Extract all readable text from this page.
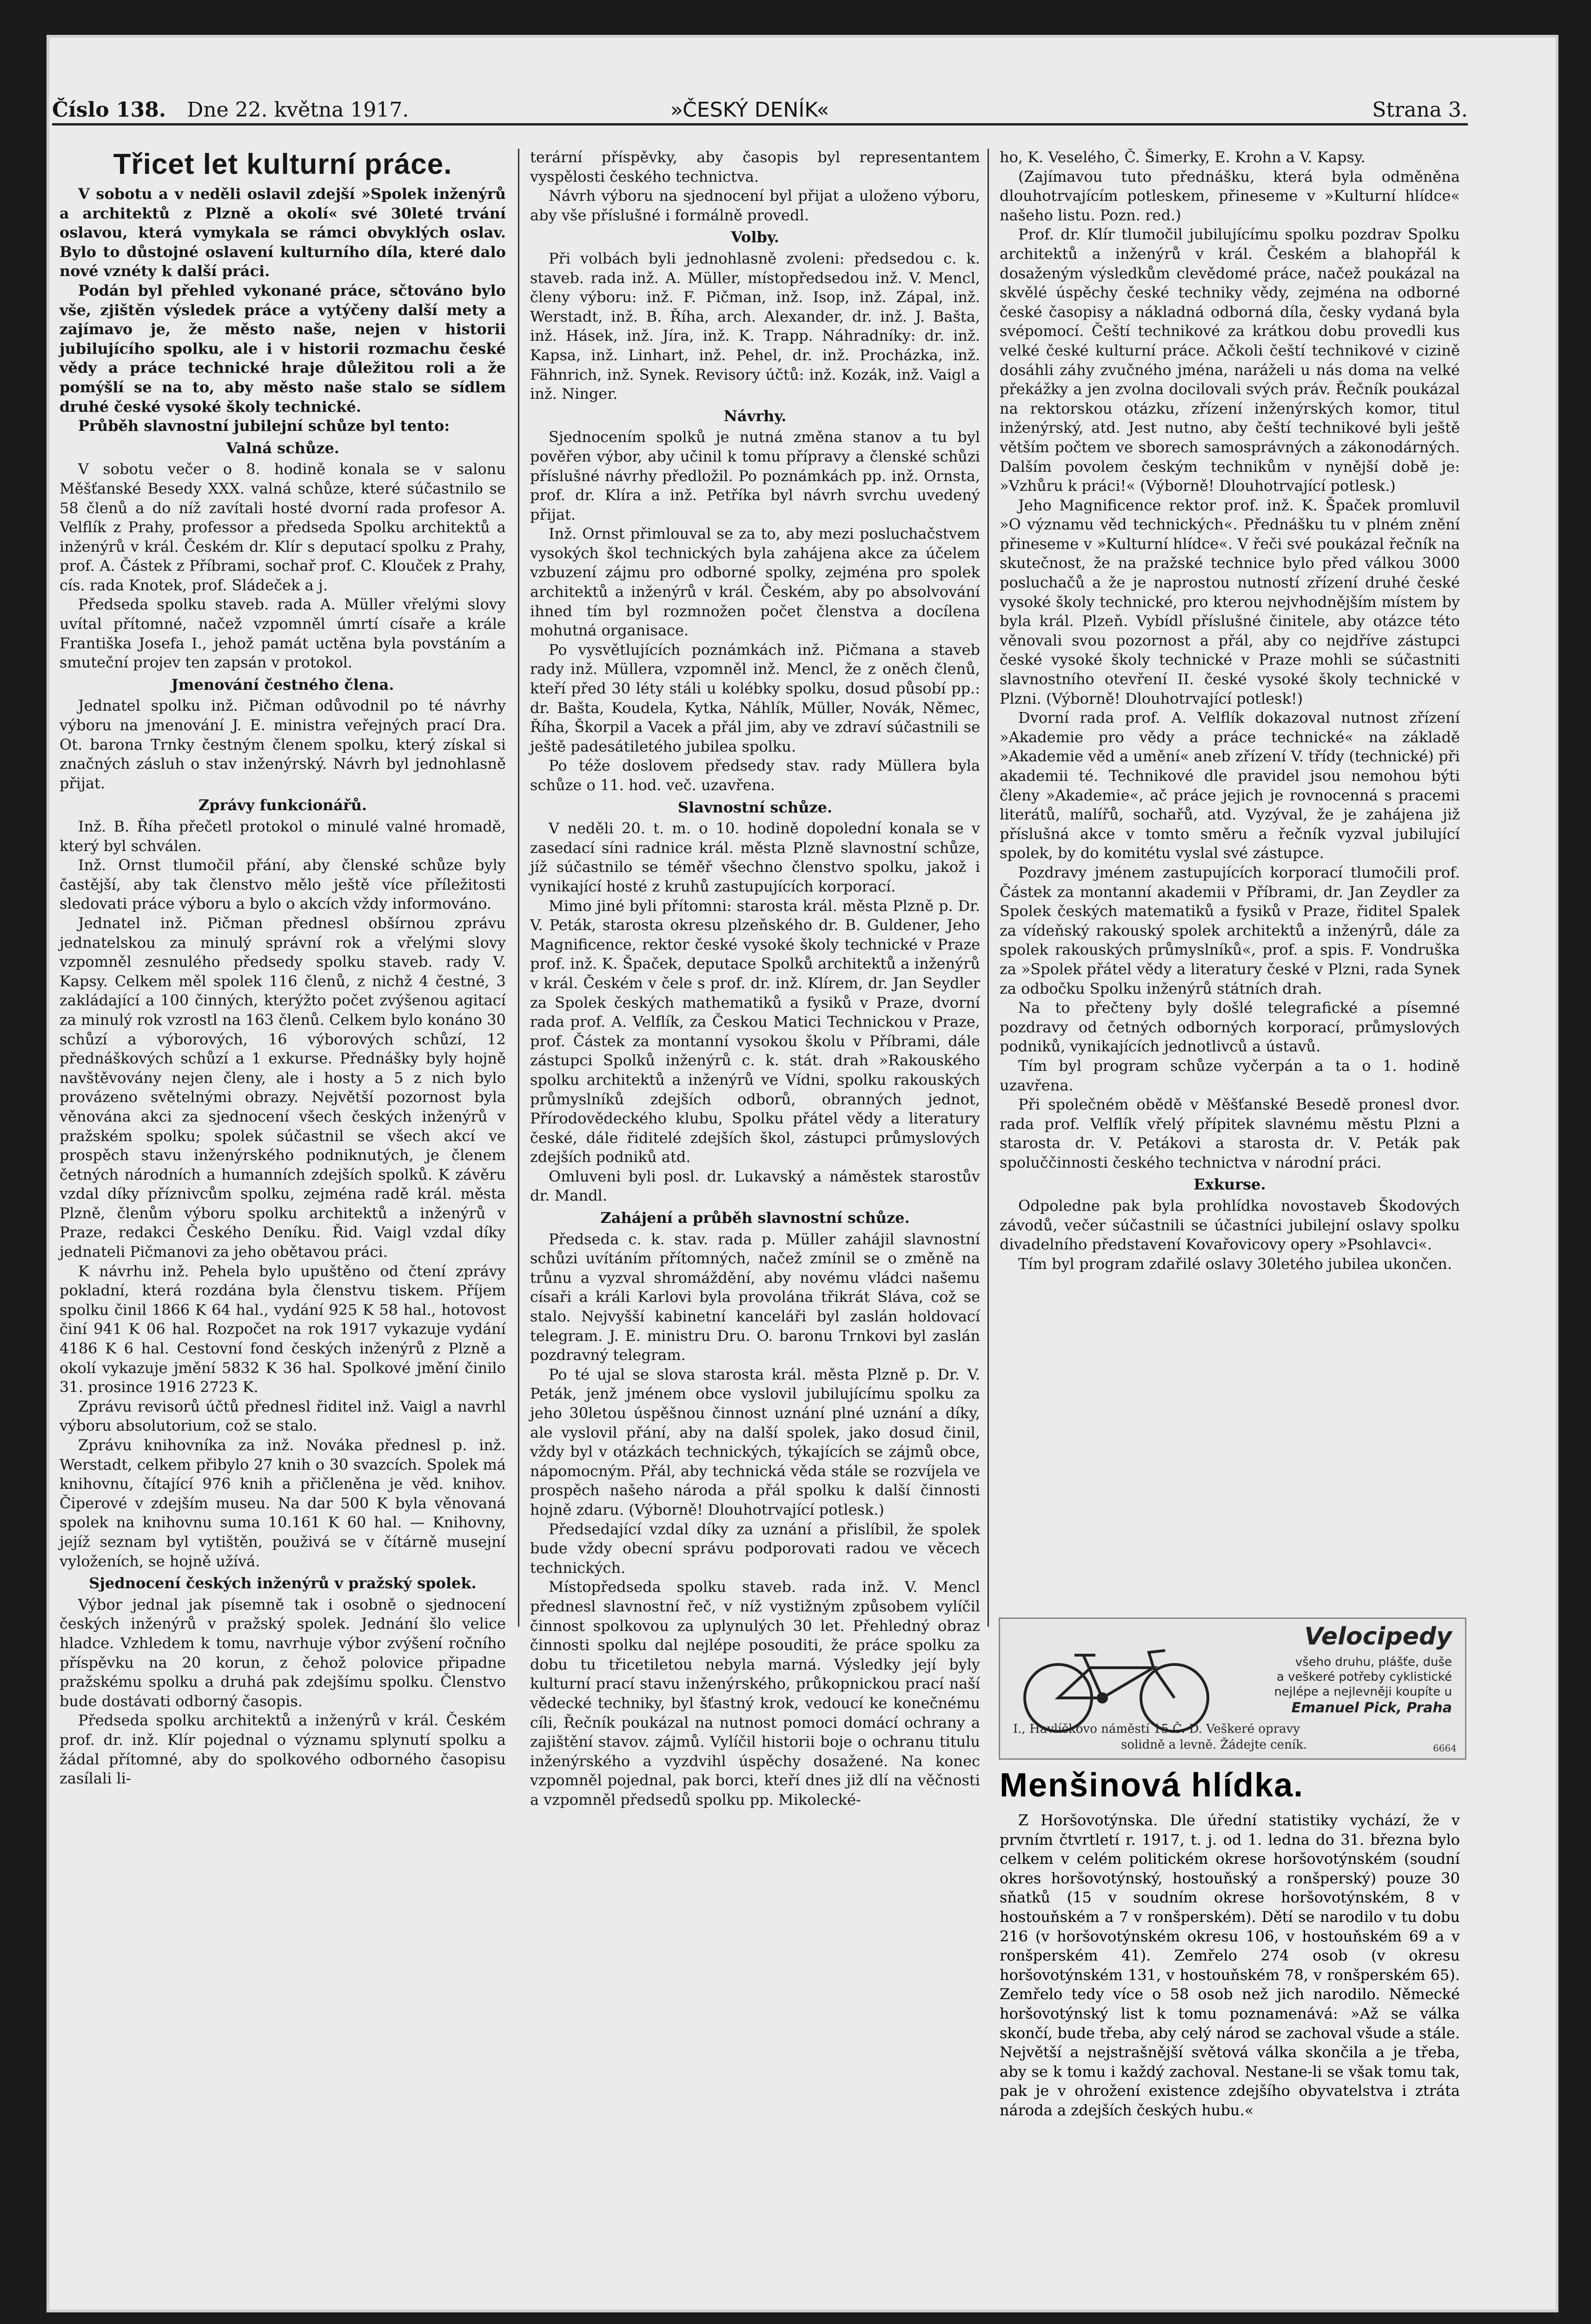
Číslo 138. Dne 22. května 1917.	»ČESKÝ DENÍK«	Strana 3.
Třicet let kulturní práce.
V sobotu a v neděli oslavil zdejší »Spolek inženýrů a architektů z Plzně a okolí« své 30leté trvání oslavou, která vymykala se rámci obvyklých oslav. Bylo to důstojné oslavení kulturního díla, které dalo nové vznéty k další práci.
Podán byl přehled vykonané práce, sčtováno bylo vše, zjištěn výsledek práce a vytýčeny další mety a zajímavo je, že město naše, nejen v historii jubilujícího spolku, ale i v historii rozmachu české vědy a práce technické hraje důležitou roli a že pomýšlí se na to, aby město naše stalo se sídlem druhé české vysoké školy technické.
Průběh slavnostní jubilejní schůze byl tento:
Valná schůze.
V sobotu večer o 8. hodině konala se v salonu Měšťanské Besedy XXX. valná schůze, které súčastnilo se 58 členů a do níž zavítali hosté dvorní rada profesor A. Velflík z Prahy, professor a předseda Spolku architektů a inženýrů v král. Českém dr. Klír s deputací spolku z Prahy, prof. A. Částek z Příbrami, sochař prof. C. Klouček z Prahy, cís. rada Knotek, prof. Sládeček a j.
Předseda spolku staveb. rada A. Müller vřelými slovy uvítal přítomné, načež vzpomněl úmrtí císaře a krále Františka Josefa I., jehož památ uctěna byla povstáním a smuteční projev ten zapsán v protokol.
Jmenování čestného člena.
Jednatel spolku inž. Pičman odůvodnil po té návrhy výboru na jmenování J. E. ministra veřejných prací Dra. Ot. barona Trnky čestným členem spolku, který získal si značných zásluh o stav inženýrský. Návrh byl jednohlasně přijat.
Zprávy funkcionářů.
Inž. B. Říha přečetl protokol o minulé valné hromadě, který byl schválen.
Inž. Ornst tlumočil přání, aby členské schůze byly častější, aby tak členstvo mělo ještě více příležitosti sledovati práce výboru a bylo o akcích vždy informováno.
Jednatel inž. Pičman přednesl obšírnou zprávu jednatelskou za minulý správní rok a vřelými slovy vzpomněl zesnulého předsedy spolku staveb. rady V. Kapsy. Celkem měl spolek 116 členů, z nichž 4 čestné, 3 zakládající a 100 činných, kterýžto počet zvýšenou agitací za minulý rok vzrostl na 163 členů. Celkem bylo konáno 30 schůzí a výborových, 16 výborových schůzí, 12 přednáškových schůzí a 1 exkurse. Přednášky byly hojně navštěvovány nejen členy, ale i hosty a 5 z nich bylo provázeno světelnými obrazy. Největší pozornost byla věnována akci za sjednocení všech českých inženýrů v pražském spolku; spolek súčastnil se všech akcí ve prospěch stavu inženýrského podniknutých, je členem četných národních a humanních zdejších spolků. K závěru vzdal díky příznivcům spolku, zejména radě král. města Plzně, členům výboru spolku architektů a inženýrů v Praze, redakci Českého Deníku. Řid. Vaigl vzdal díky jednateli Pičmanovi za jeho obětavou práci.
K návrhu inž. Pehela bylo upuštěno od čtení zprávy pokladní, která rozdána byla členstvu tiskem. Příjem spolku činil 1866 K 64 hal., vydání 925 K 58 hal., hotovost činí 941 K 06 hal. Rozpočet na rok 1917 vykazuje vydání 4186 K 6 hal. Cestovní fond českých inženýrů z Plzně a okolí vykazuje jmění 5832 K 36 hal. Spolkové jmění činilo 31. prosince 1916 2723 K.
Zprávu revisorů účtů přednesl řiditel inž. Vaigl a navrhl výboru absolutorium, což se stalo.
Zprávu knihovníka za inž. Nováka přednesl p. inž. Werstadt, celkem přibylo 27 knih o 30 svazcích. Spolek má knihovnu, čítající 976 knih a přičleněna je věd. knihov. Čiperové v zdejším museu. Na dar 500 K byla věnovaná spolek na knihovnu suma 10.161 K 60 hal. — Knihovny, jejíž seznam byl vytištěn, použivá se v čítárně musejní vyloženích, se hojně užívá.
Sjednocení českých inženýrů v pražský spolek.
Výbor jednal jak písemně tak i osobně o sjednocení českých inženýrů v pražský spolek. Jednání šlo velice hladce. Vzhledem k tomu, navrhuje výbor zvýšení ročního příspěvku na 20 korun, z čehož polovice připadne pražskému spolku a druhá pak zdejšímu spolku. Členstvo bude dostávati odborný časopis.
Předseda spolku architektů a inženýrů v král. Českém prof. dr. inž. Klír pojednal o významu splynutí spolku a žádal přítomné, aby do spolkového odborného časopisu zasílali li-
terární příspěvky, aby časopis byl representantem vyspělosti českého technictva.
Návrh výboru na sjednocení byl přijat a uloženo výboru, aby vše příslušné i formálně provedl.
Volby.
Při volbách byli jednohlasně zvoleni: předsedou c. k. staveb. rada inž. A. Müller, místopředsedou inž. V. Mencl, členy výboru: inž. F. Pičman, inž. Isop, inž. Zápal, inž. Werstadt, inž. B. Říha, arch. Alexander, dr. inž. J. Bašta, inž. Hásek, inž. Jíra, inž. K. Trapp. Náhradníky: dr. inž. Kapsa, inž. Linhart, inž. Pehel, dr. inž. Procházka, inž. Fähnrich, inž. Synek. Revisory účtů: inž. Kozák, inž. Vaigl a inž. Ninger.
Návrhy.
Sjednocením spolků je nutná změna stanov a tu byl pověřen výbor, aby učinil k tomu přípravy a členské schůzi příslušné návrhy předložil. Po poznámkách pp. inž. Ornsta, prof. dr. Klíra a inž. Petříka byl návrh svrchu uvedený přijat.
Inž. Ornst přimlouval se za to, aby mezi posluchačstvem vysokých škol technických byla zahájena akce za účelem vzbuzení zájmu pro odborné spolky, zejména pro spolek architektů a inženýrů v král. Českém, aby po absolvování ihned tím byl rozmnožen počet členstva a docílena mohutná organisace.
Po vysvětlujících poznámkách inž. Pičmana a staveb rady inž. Müllera, vzpomněl inž. Mencl, že z oněch členů, kteří před 30 léty stáli u kolébky spolku, dosud působí pp.: dr. Bašta, Koudela, Kytka, Náhlík, Müller, Novák, Němec, Říha, Škorpil a Vacek a přál jim, aby ve zdraví súčastnili se ještě padesátiletého jubilea spolku.
Po téže doslovem předsedy stav. rady Müllera byla schůze o 11. hod. več. uzavřena.
Slavnostní schůze.
V neděli 20. t. m. o 10. hodině dopolední konala se v zasedací síni radnice král. města Plzně slavnostní schůze, jíž súčastnilo se téměř všechno členstvo spolku, jakož i vynikající hosté z kruhů zastupujících korporací.
Mimo jiné byli přítomni: starosta král. města Plzně p. Dr. V. Peták, starosta okresu plzeňského dr. B. Guldener, Jeho Magnificence, rektor české vysoké školy technické v Praze prof. inž. K. Špaček, deputace Spolků architektů a inženýrů v král. Českém v čele s prof. dr. inž. Klírem, dr. Jan Seydler za Spolek českých mathematiků a fysiků v Praze, dvorní rada prof. A. Velflík, za Českou Matici Technickou v Praze, prof. Částek za montanní vysokou školu v Příbrami, dále zástupci Spolků inženýrů c. k. stát. drah »Rakouského spolku architektů a inženýrů ve Vídni, spolku rakouských průmyslníků zdejších odborů, obranných jednot, Přírodovědeckého klubu, Spolku přátel vědy a literatury české, dále řiditelé zdejších škol, zástupci průmyslových zdejších podniků atd.
Omluveni byli posl. dr. Lukavský a náměstek starostův dr. Mandl.
Zahájení a průběh slavnostní schůze.
Předseda c. k. stav. rada p. Müller zahájil slavnostní schůzi uvítáním přítomných, načež zmínil se o změně na trůnu a vyzval shromáždění, aby novému vládci našemu císaři a králi Karlovi byla provolána třikrát Sláva, což se stalo. Nejvyšší kabinetní kanceláři byl zaslán holdovací telegram. J. E. ministru Dru. O. baronu Trnkovi byl zaslán pozdravný telegram.
Po té ujal se slova starosta král. města Plzně p. Dr. V. Peták, jenž jménem obce vyslovil jubilujícímu spolku za jeho 30letou úspěšnou činnost uznání plné uznání a díky, ale vyslovil přání, aby na další spolek, jako dosud činil, vždy byl v otázkách technických, týkajících se zájmů obce, nápomocným. Přál, aby technická věda stále se rozvíjela ve prospěch našeho národa a přál spolku k další činnosti hojně zdaru. (Výborně! Dlouhotrvající potlesk.)
Předsedající vzdal díky za uznání a přislíbil, že spolek bude vždy obecní správu podporovati radou ve věcech technických.
Místopředseda spolku staveb. rada inž. V. Mencl přednesl slavnostní řeč, v níž vystižným způsobem vylíčil činnost spolkovou za uplynulých 30 let. Přehledný obraz činnosti spolku dal nejlépe posouditi, že práce spolku za dobu tu třicetiletou nebyla marná. Výsledky její byly kulturní prací stavu inženýrského, průkopnickou prací naší vědecké techniky, byl šťastný krok, vedoucí ke konečnému cíli, Řečník poukázal na nutnost pomoci domácí ochrany a zajištění stavov. zájmů. Vylíčil historii boje o ochranu titulu inženýrského a vyzdvihl úspěchy dosažené. Na konec vzpomněl pojednal, pak borci, kteří dnes již dlí na věčnosti a vzpomněl předsedů spolku pp. Mikolecké-
ho, K. Veselého, Č. Šimerky, E. Krohn a V. Kapsy.
(Zajímavou tuto přednášku, která byla odměněna dlouhotrvajícím potleskem, přineseme v »Kulturní hlídce« našeho listu. Pozn. red.)
Prof. dr. Klír tlumočil jubilujícímu spolku pozdrav Spolku architektů a inženýrů v král. Českém a blahopřál k dosaženým výsledkům clevědomé práce, načež poukázal na skvělé úspěchy české techniky vědy, zejména na odborné české časopisy a nákladná odborná díla, česky vydaná byla svépomocí. Čeští technikové za krátkou dobu provedli kus velké české kulturní práce. Ačkoli čeští technikové v cizině dosáhli záhy zvučného jména, naráželi u nás doma na velké překážky a jen zvolna docilovali svých práv. Řečník poukázal na rektorskou otázku, zřízení inženýrských komor, titul inženýrský, atd. Jest nutno, aby čeští technikové byli ještě větším počtem ve sborech samosprávných a zákonodárných. Dalším povolem českým technikům v nynější době je: »Vzhůru k práci!« (Výborně! Dlouhotrvající potlesk.)
Jeho Magnificence rektor prof. inž. K. Špaček promluvil »O významu věd technických«. Přednášku tu v plném znění přineseme v »Kulturní hlídce«. V řeči své poukázal řečník na skutečnost, že na pražské technice bylo před válkou 3000 posluchačů a že je naprostou nutností zřízení druhé české vysoké školy technické, pro kterou nejvhodnějším místem by byla král. Plzeň. Vybídl příslušné činitele, aby otázce této věnovali svou pozornost a přál, aby co nejdříve zástupci české vysoké školy technické v Praze mohli se súčastniti slavnostního otevření II. české vysoké školy technické v Plzni. (Výborně! Dlouhotrvající potlesk!)
Dvorní rada prof. A. Velflík dokazoval nutnost zřízení »Akademie pro vědy a práce technické« na základě »Akademie věd a umění« aneb zřízení V. třídy (technické) při akademii té. Technikové dle pravidel jsou nemohou býti členy »Akademie«, ač práce jejich je rovnocenná s pracemi literátů, malířů, sochařů, atd. Vyzýval, že je zahájena již příslušná akce v tomto směru a řečník vyzval jubilující spolek, by do komitétu vyslal své zástupce.
Pozdravy jménem zastupujících korporací tlumočili prof. Částek za montanní akademii v Příbrami, dr. Jan Zeydler za Spolek českých matematiků a fysiků v Praze, řiditel Spalek za vídeňský rakouský spolek architektů a inženýrů, dále za spolek rakouských průmyslníků«, prof. a spis. F. Vondruška za »Spolek přátel vědy a literatury české v Plzni, rada Synek za odbočku Spolku inženýrů státních drah.
Na to přečteny byly došlé telegrafické a písemné pozdravy od četných odborných korporací, průmyslových podniků, vynikajících jednotlivců a ústavů.
Tím byl program schůze vyčerpán a ta o 1. hodině uzavřena.
Při společném obědě v Měšťanské Besedě pronesl dvor. rada prof. Velflík vřelý přípitek slavnému městu Plzni a starosta dr. V. Petákovi a starosta dr. V. Peták pak spoluččinnosti českého technictva v národní práci.
Exkurse.
Odpoledne pak byla prohlídka novostaveb Škodových závodů, večer súčastnili se účastníci jubilejní oslavy spolku divadelního představení Kovařovicovy opery »Psohlavci«.
Tím byl program zdařilé oslavy 30letého jubilea ukončen.
Velocipedy
všeho druhu, plášťe, duše
a veškeré potřeby cyklistické
nejlépe a nejlevněji koupíte u
Emanuel Pick, Praha
I., Havlíčkovo náměstí 15 Č. D. Veškeré opravy
solidně a levně. Žádejte ceník.	6664
Menšinová hlídka.
Z Horšovotýnska. Dle úřední statistiky vychází, že v prvním čtvrtletí r. 1917, t. j. od 1. ledna do 31. března bylo celkem v celém politickém okrese horšovotýnském (soudní okres horšovotýnský, hostouňský a ronšperský) pouze 30 sňatků (15 v soudním okrese horšovotýnském, 8 v hostouňském a 7 v ronšperském). Dětí se narodilo v tu dobu 216 (v horšovotýnském okresu 106, v hostouňském 69 a v ronšperském 41). Zemřelo 274 osob (v okresu horšovotýnském 131, v hostouňském 78, v ronšperském 65). Zemřelo tedy více o 58 osob než jich narodilo. Německé horšovotýnský list k tomu poznamenává: »Až se válka skončí, bude třeba, aby celý národ se zachoval všude a stále. Největší a nejstrašnější světová válka skončila a je třeba, aby se k tomu i každý zachoval. Nestane-li se však tomu tak, pak je v ohrožení existence zdejšího obyvatelstva i ztráta národa a zdejších českých hubu.«
